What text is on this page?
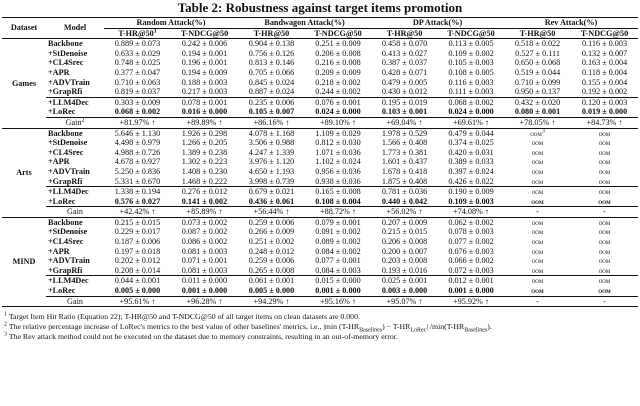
Table 2: Robustness against target items promotion
Dataset	Model	Random Attack(%)		Bandwagon Attack(%)		DP Attack(%)		Rev Attack(%)	
		$T-HR@50^1$	T-NDCG@50	T-HR@50	T-NDCG@50	T-HR@50	T-NDCG@50	T-HR@50	T-NDCG@50
Games	Backbone	0.889 ± 0.073	0.242 ± 0.006	0.904 ± 0.138	0.251 ± 0.009	0.458 ± 0.070	0.113 ± 0.005	0.518 ± 0.022	0.116 ± 0.003
	+StDenoise	0.633 ± 0.029	0.194 ± 0.001	0.756 ± 0.126	0.206 ± 0.008	0.413 ± 0.027	0.109 ± 0.002	0.527 ± 0.111	0.132 ± 0.007
	+CL4Srec	0.748 ± 0.025	0.196 ± 0.001	0.813 ± 0.146	0.216 ± 0.008	0.387 ± 0.037	0.105 ± 0.003	0.650 ± 0.068	0.163 ± 0.004
	+APR	0.377 ± 0.047	0.194 ± 0.009	0.705 ± 0.066	0.209 ± 0.009	0.428 ± 0.071	0.108 ± 0.005	0.519 ± 0.044	0.118 ± 0.004
	+ADVTrain	0.710 ± 0.063	0.188 ± 0.003	0.845 ± 0.024	0.218 ± 0.002	0.479 ± 0.005	0.116 ± 0.003	0.710 ± 0.099	0.155 ± 0.004
	+GrapRfi	0.819 ± 0.037	0.217 ± 0.003	0.887 ± 0.024	0.244 ± 0.002	0.430 ± 0.012	0.111 ± 0.003	0.950 ± 0.137	0.192 ± 0.002
	+LLM4Dec	0.303 ± 0.009	0.078 ± 0.001	0.235 ± 0.006	0.076 ± 0.001	0.195 ± 0.019	0.068 ± 0.002	0.432 ± 0.020	0.120 ± 0.003
	+LoRec	0.068 ± 0.002	0.016 ± 0.000	0.105 ± 0.007	0.024 ± 0.000	0.103 ± 0.001	0.024 ± 0.000	0.080 ± 0.001	0.019 ± 0.000
	Gain$^2$	+81.97% ↑	+89.89% ↑	+86.16% ↑	+89.10% ↑	+69.04% ↑	+69.61% ↑	+78.05% ↑	+84.73% ↑
Arts	Backbone	5.646 ± 1.130	1.926 ± 0.298	4.078 ± 1.168	1.109 ± 0.029	1.978 ± 0.529	0.479 ± 0.044	oom$^3$	oom
	+StDenoise	4.498 ± 0.979	1.266 ± 0.205	3.506 ± 0.988	0.812 ± 0.030	1.566 ± 0.408	0.374 ± 0.025	oom	oom
	+CL4Srec	4.988 ± 0.726	1.389 ± 0.238	4.247 ± 1.339	1.071 ± 0.036	1.773 ± 0.381	0.420 ± 0.031	oom	oom
	+APR	4.678 ± 0.927	1.302 ± 0.223	3.976 ± 1.120	1.102 ± 0.024	1.601 ± 0.437	0.389 ± 0.033	oom	oom
	+ADVTrain	5.250 ± 0.836	1.408 ± 0.230	4.650 ± 1.193	0.956 ± 0.036	1.678 ± 0.418	0.397 ± 0.024	oom	oom
	+GrapRfi	5.331 ± 0.670	1.468 ± 0.222	3.998 ± 0.739	0.938 ± 0.036	1.875 ± 0.408	0.426 ± 0.022	oom	oom
	+LLM4Dec	1.338 ± 0.194	0.276 ± 0.012	0.679 ± 0.021	0.165 ± 0.008	0.781 ± 0.036	0.190 ± 0.009	oom	oom
	+LoRec	0.576 ± 0.027	0.141 ± 0.002	0.436 ± 0.061	0.108 ± 0.004	0.440 ± 0.042	0.109 ± 0.003	oom	oom
	Gain	+42.42% ↑	+85.89% ↑	+56.44% ↑	+88.72% ↑	+56.02% ↑	+74.08% ↑	-	-
MIND	Backbone	0.215 ± 0.015	0.073 ± 0.002	0.259 ± 0.006	0.079 ± 0.001	0.207 ± 0.009	0.062 ± 0.002	oom	oom
	+StDenoise	0.229 ± 0.017	0.087 ± 0.002	0.266 ± 0.009	0.091 ± 0.002	0.215 ± 0.015	0.078 ± 0.003	oom	oom
	+CL4Srec	0.187 ± 0.006	0.086 ± 0.002	0.251 ± 0.002	0.089 ± 0.002	0.206 ± 0.008	0.077 ± 0.002	oom	oom
	+APR	0.197 ± 0.018	0.081 ± 0.003	0.248 ± 0.012	0.084 ± 0.002	0.200 ± 0.007	0.076 ± 0.003	oom	oom
	+ADVTrain	0.202 ± 0.012	0.071 ± 0.001	0.259 ± 0.006	0.077 ± 0.001	0.203 ± 0.008	0.066 ± 0.002	oom	oom
	+GrapRfi	0.208 ± 0.014	0.081 ± 0.003	0.265 ± 0.008	0.084 ± 0.003	0.193 ± 0.016	0.072 ± 0.003	oom	oom
	+LLM4Dec	0.044 ± 0.001	0.011 ± 0.000	0.061 ± 0.001	0.015 ± 0.000	0.025 ± 0.001	0.012 ± 0.001	oom	oom
	+LoRec	0.005 ± 0.000	0.001 ± 0.000	0.005 ± 0.000	0.001 ± 0.000	0.003 ± 0.000	0.001 ± 0.000	oom	oom
	Gain	+95.61% ↑	+96.28% ↑	+94.29% ↑	+95.16% ↑	+95.07% ↑	+95.92% ↑	-	-
$^1$ Target Item Hit Ratio (Equation 22); T-HR@50 and T-NDCG@50 of all target items on clean datasets are 0.000.
$^2$ The relative percentage increase of LoRec's metrics to the best value of other baselines' metrics, i.e., |min $(T-HR_{Baselines}) - T-HR_{LoRec}|$ $/\min(T-HR_{Baselines})$.
$^3$ The Rev attack method could not be executed on the dataset due to memory constraints, resulting in an out-of-memory error.
